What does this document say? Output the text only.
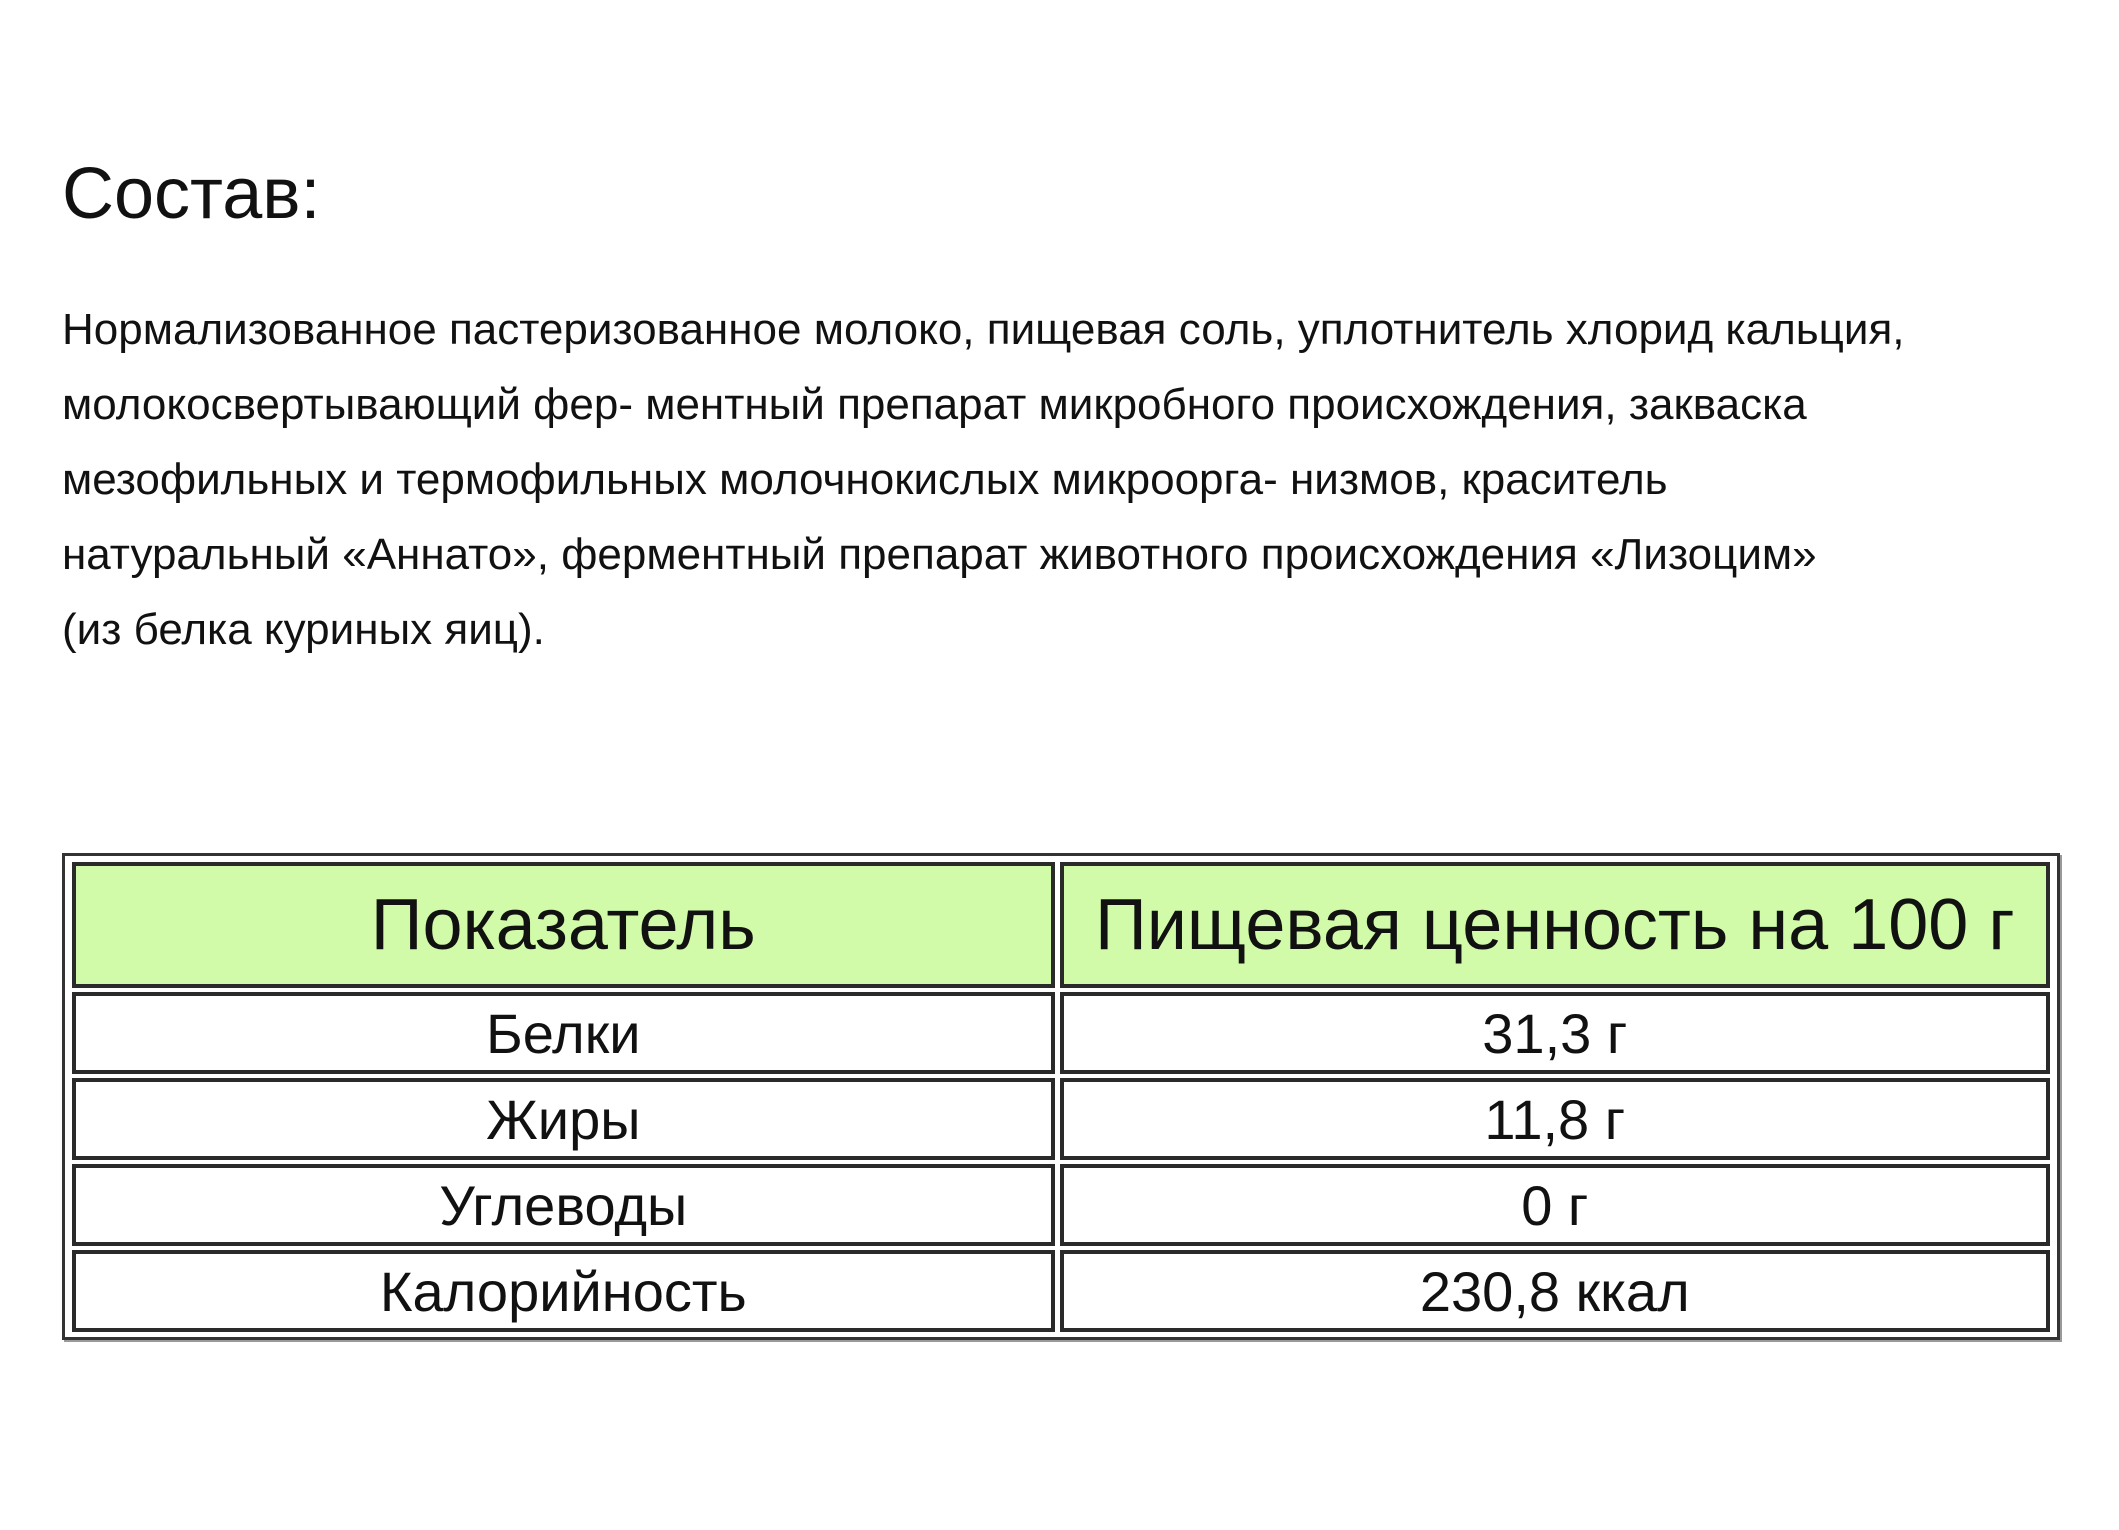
Состав:

Нормализованное пастеризованное молоко, пищевая соль, уплотнитель хлорид кальция,
молокосвертывающий фер- ментный препарат микробного происхождения, закваска
мезофильных и термофильных молочнокислых микроорга- низмов, краситель
натуральный «Аннато», ферментный препарат животного происхождения «Лизоцим»
(из белка куриных яиц).

Показатель	Пищевая ценность на 100 г
Белки	31,3 г
Жиры	11,8 г
Углеводы	0 г
Калорийность	230,8 ккал
